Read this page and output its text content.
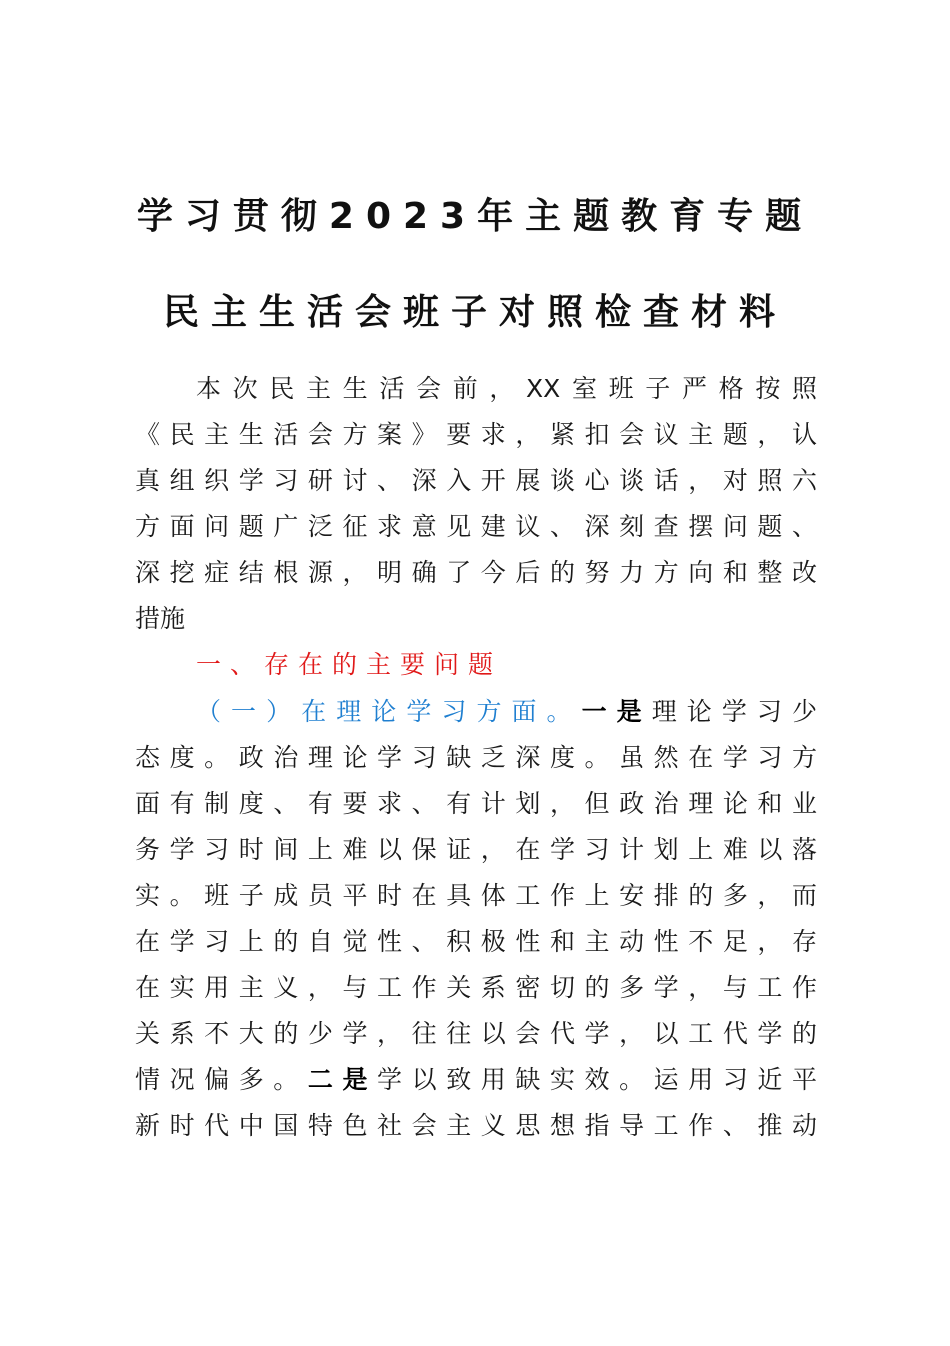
学习贯彻2023年主题教育专题
民主生活会班子对照检查材料
本次民主生活会前，XX室班子严格按照
《民主生活会方案》要求，紧扣会议主题，认
真组织学习研讨、深入开展谈心谈话，对照六
方面问题广泛征求意见建议、深刻查摆问题、
深挖症结根源，明确了今后的努力方向和整改
措施
一、存在的主要问题
（一）在理论学习方面。一是理论学习少
态度。政治理论学习缺乏深度。虽然在学习方
面有制度、有要求、有计划，但政治理论和业
务学习时间上难以保证，在学习计划上难以落
实。班子成员平时在具体工作上安排的多，而
在学习上的自觉性、积极性和主动性不足，存
在实用主义，与工作关系密切的多学，与工作
关系不大的少学，往往以会代学，以工代学的
情况偏多。二是学以致用缺实效。运用习近平
新时代中国特色社会主义思想指导工作、推动
